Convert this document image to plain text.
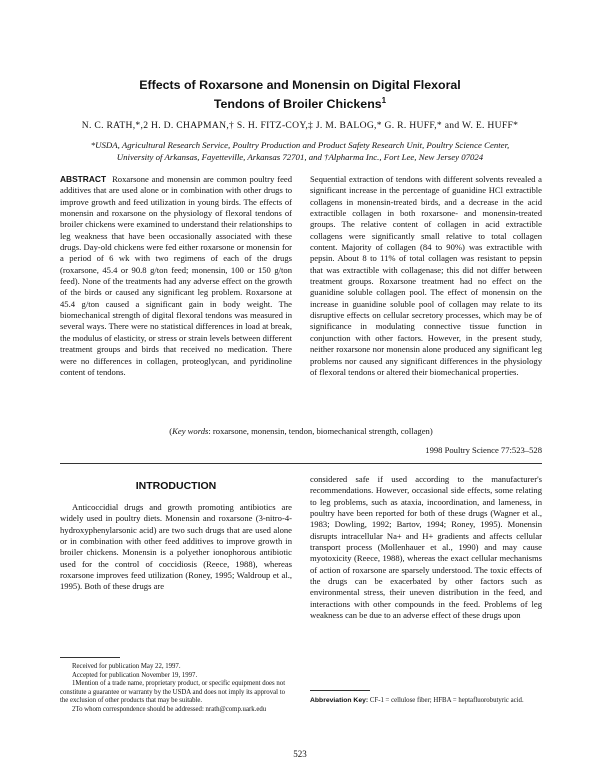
Effects of Roxarsone and Monensin on Digital Flexoral
Tendons of Broiler Chickens$^1$
N. C. RATH,*,2 H. D. CHAPMAN,† S. H. FITZ-COY,‡ J. M. BALOG,* G. R. HUFF,* and W. E. HUFF*
*USDA, Agricultural Research Service, Poultry Production and Product Safety Research Unit, Poultry Science Center,
University of Arkansas, Fayetteville, Arkansas 72701, and †Alpharma Inc., Fort Lee, New Jersey 07024
ABSTRACT Roxarsone and monensin are common poultry feed additives that are used alone or in combination with other drugs to improve growth and feed utilization in young birds. The effects of monensin and roxarsone on the physiology of flexoral tendons of broiler chickens were examined to understand their relationships to leg weakness that have been occasionally associated with these drugs. Day-old chickens were fed either roxarsone or monensin for a period of 6 wk with two regimens of each of the drugs (roxarsone, 45.4 or 90.8 g/ton feed; monensin, 100 or 150 g/ton feed). None of the treatments had any adverse effect on the growth of the birds or caused any significant leg problem. Roxarsone at 45.4 g/ton caused a significant gain in body weight. The biomechanical strength of digital flexoral tendons was measured in several ways. There were no statistical differences in load at break, the modulus of elasticity, or stress or strain levels between different treatment groups and birds that received no medication. There were no differences in collagen, proteoglycan, and pyridinoline content of tendons.
Sequential extraction of tendons with different solvents revealed a significant increase in the percentage of guanidine HCl extractible collagens in monensin-treated birds, and a decrease in the acid extractible collagen in both roxarsone- and monensin-treated groups. The relative content of collagen in acid extractible collagens were significantly small relative to total collagen content. Majority of collagen (84 to 90%) was extractible with pepsin. About 8 to 11% of total collagen was resistant to pepsin that was extractible with collagenase; this did not differ between treatment groups. Roxarsone treatment had no effect on the guanidine soluble collagen pool. The effect of monensin on the increase in guanidine soluble pool of collagen may relate to its disruptive effects on cellular secretory processes, which may be of significance in modulating connective tissue function in conjunction with other factors. However, in the present study, neither roxarsone nor monensin alone produced any significant leg problems nor caused any significant differences in the physiology of flexoral tendons or altered their biomechanical properties.
(Key words: roxarsone, monensin, tendon, biomechanical strength, collagen)
1998 Poultry Science 77:523–528
INTRODUCTION

Anticoccidial drugs and growth promoting antibiotics are widely used in poultry diets. Monensin and roxarsone (3-nitro-4-hydroxyphenylarsonic acid) are two such drugs that are used alone or in combination with other feed additives to improve growth in broiler chickens. Monensin is a polyether ionophorous antibiotic used for the control of coccidiosis (Reece, 1988), whereas roxarsone improves feed utilization (Roney, 1995; Waldroup et al., 1995). Both of these drugs are

considered safe if used according to the manufacturer's recommendations. However, occasional side effects, some relating to leg problems, such as ataxia, incoordination, and lameness, in poultry have been reported for both of these drugs (Wagner et al., 1983; Dowling, 1992; Bartov, 1994; Roney, 1995). Monensin disrupts intracellular Na+ and H+ gradients and affects cellular transport process (Mollenhauer et al., 1990) and may cause myotoxicity (Reece, 1988), whereas the exact cellular mechanisms of action of roxarsone are sparsely understood. The toxic effects of the drugs can be exacerbated by other factors such as environmental stress, their uneven distribution in the feed, and interactions with other compounds in the feed. Problems of leg weakness can be due to an adverse effect of these drugs upon
Received for publication May 22, 1997.
Accepted for publication November 19, 1997.
1Mention of a trade name, proprietary product, or specific equipment does not constitute a guarantee or warranty by the USDA and does not imply its approval to the exclusion of other products that may be suitable.
2To whom correspondence should be addressed: nrath@comp.uark.edu
Abbreviation Key: CF-1 = cellulose fiber; HFBA = heptafluorobutyric acid.
523
